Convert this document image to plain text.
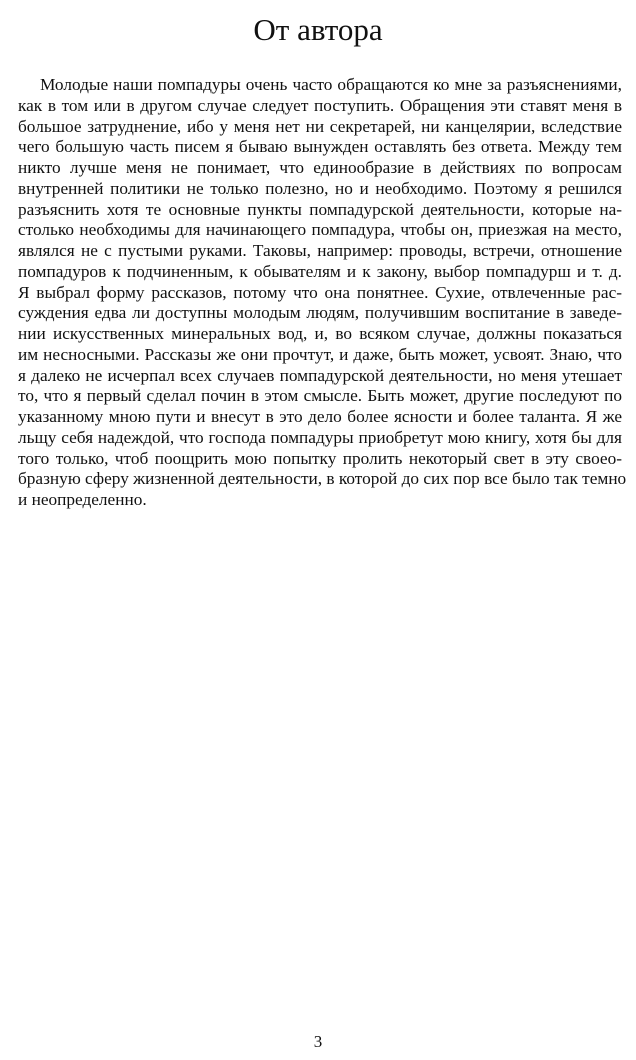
От автора
Молодые наши помпадуры очень часто обращаются ко мне за разъяснениями,
как в том или в другом случае следует поступить. Обращения эти ставят меня в
большое затруднение, ибо у меня нет ни секретарей, ни канцелярии, вследствие
чего большую часть писем я бываю вынужден оставлять без ответа. Между тем
никто лучше меня не понимает, что единообразие в действиях по вопросам
внутренней политики не только полезно, но и необходимо. Поэтому я решился
разъяснить хотя те основные пункты помпадурской деятельности, которые на-
столько необходимы для начинающего помпадура, чтобы он, приезжая на место,
являлся не с пустыми руками. Таковы, например: проводы, встречи, отношение
помпадуров к подчиненным, к обывателям и к закону, выбор помпадурш и т. д.
Я выбрал форму рассказов, потому что она понятнее. Сухие, отвлеченные рас-
суждения едва ли доступны молодым людям, получившим воспитание в заведе-
нии искусственных минеральных вод, и, во всяком случае, должны показаться
им несносными. Рассказы же они прочтут, и даже, быть может, усвоят. Знаю, что
я далеко не исчерпал всех случаев помпадурской деятельности, но меня утешает
то, что я первый сделал почин в этом смысле. Быть может, другие последуют по
указанному мною пути и внесут в это дело более ясности и более таланта. Я же
льщу себя надеждой, что господа помпадуры приобретут мою книгу, хотя бы для
того только, чтоб поощрить мою попытку пролить некоторый свет в эту своео-
бразную сферу жизненной деятельности, в которой до сих пор все было так темно
и неопределенно.
3
